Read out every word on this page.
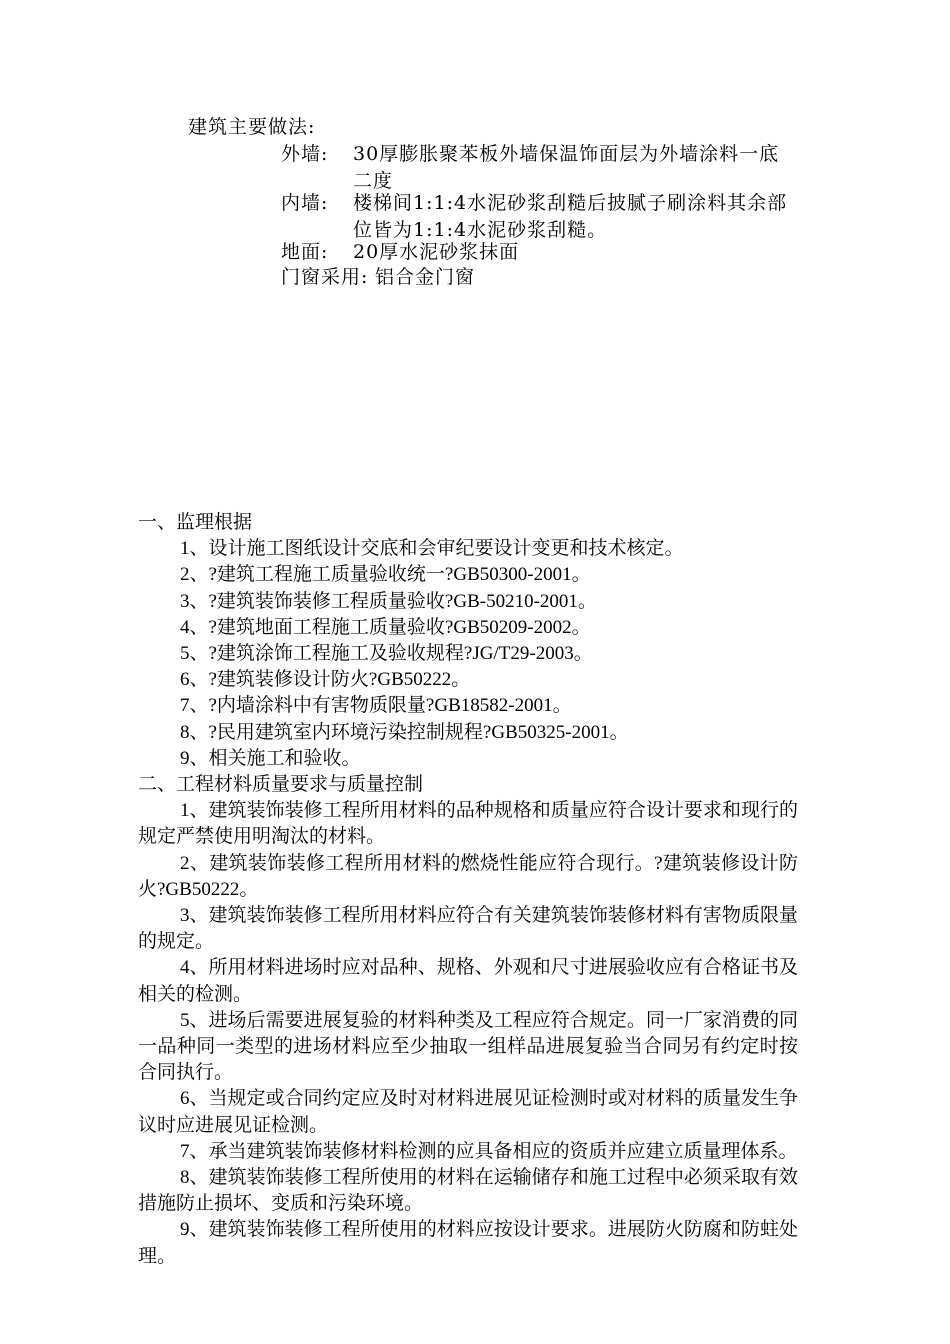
建筑主要做法:
外墙: 30厚膨胀聚苯板外墙保温饰面层为外墙涂料一底二度
内墙: 楼梯间1:1:4水泥砂浆刮糙后披腻子刷涂料其余部位皆为1:1:4水泥砂浆刮糙。
地面: 20厚水泥砂浆抹面
门窗采用: 铝合金门窗

一、监理根据

1、设计施工图纸设计交底和会审纪要设计变更和技术核定。

2、?建筑工程施工质量验收统一?GB50300-2001。

3、?建筑装饰装修工程质量验收?GB-50210-2001。

4、?建筑地面工程施工质量验收?GB50209-2002。

5、?建筑涂饰工程施工及验收规程?JG/T29-2003。

6、?建筑装修设计防火?GB50222。

7、?内墙涂料中有害物质限量?GB18582-2001。

8、?民用建筑室内环境污染控制规程?GB50325-2001。

9、相关施工和验收。

二、工程材料质量要求与质量控制

1、建筑装饰装修工程所用材料的品种规格和质量应符合设计要求和现行的规定严禁使用明淘汰的材料。

2、建筑装饰装修工程所用材料的燃烧性能应符合现行。?建筑装修设计防火?GB50222。

3、建筑装饰装修工程所用材料应符合有关建筑装饰装修材料有害物质限量的规定。

4、所用材料进场时应对品种、规格、外观和尺寸进展验收应有合格证书及相关的检测。

5、进场后需要进展复验的材料种类及工程应符合规定。同一厂家消费的同一品种同一类型的进场材料应至少抽取一组样品进展复验当合同另有约定时按合同执行。

6、当规定或合同约定应及时对材料进展见证检测时或对材料的质量发生争议时应进展见证检测。

7、承当建筑装饰装修材料检测的应具备相应的资质并应建立质量理体系。

8、建筑装饰装修工程所使用的材料在运输储存和施工过程中必须采取有效措施防止损坏、变质和污染环境。

9、建筑装饰装修工程所使用的材料应按设计要求。进展防火防腐和防蛀处理。
